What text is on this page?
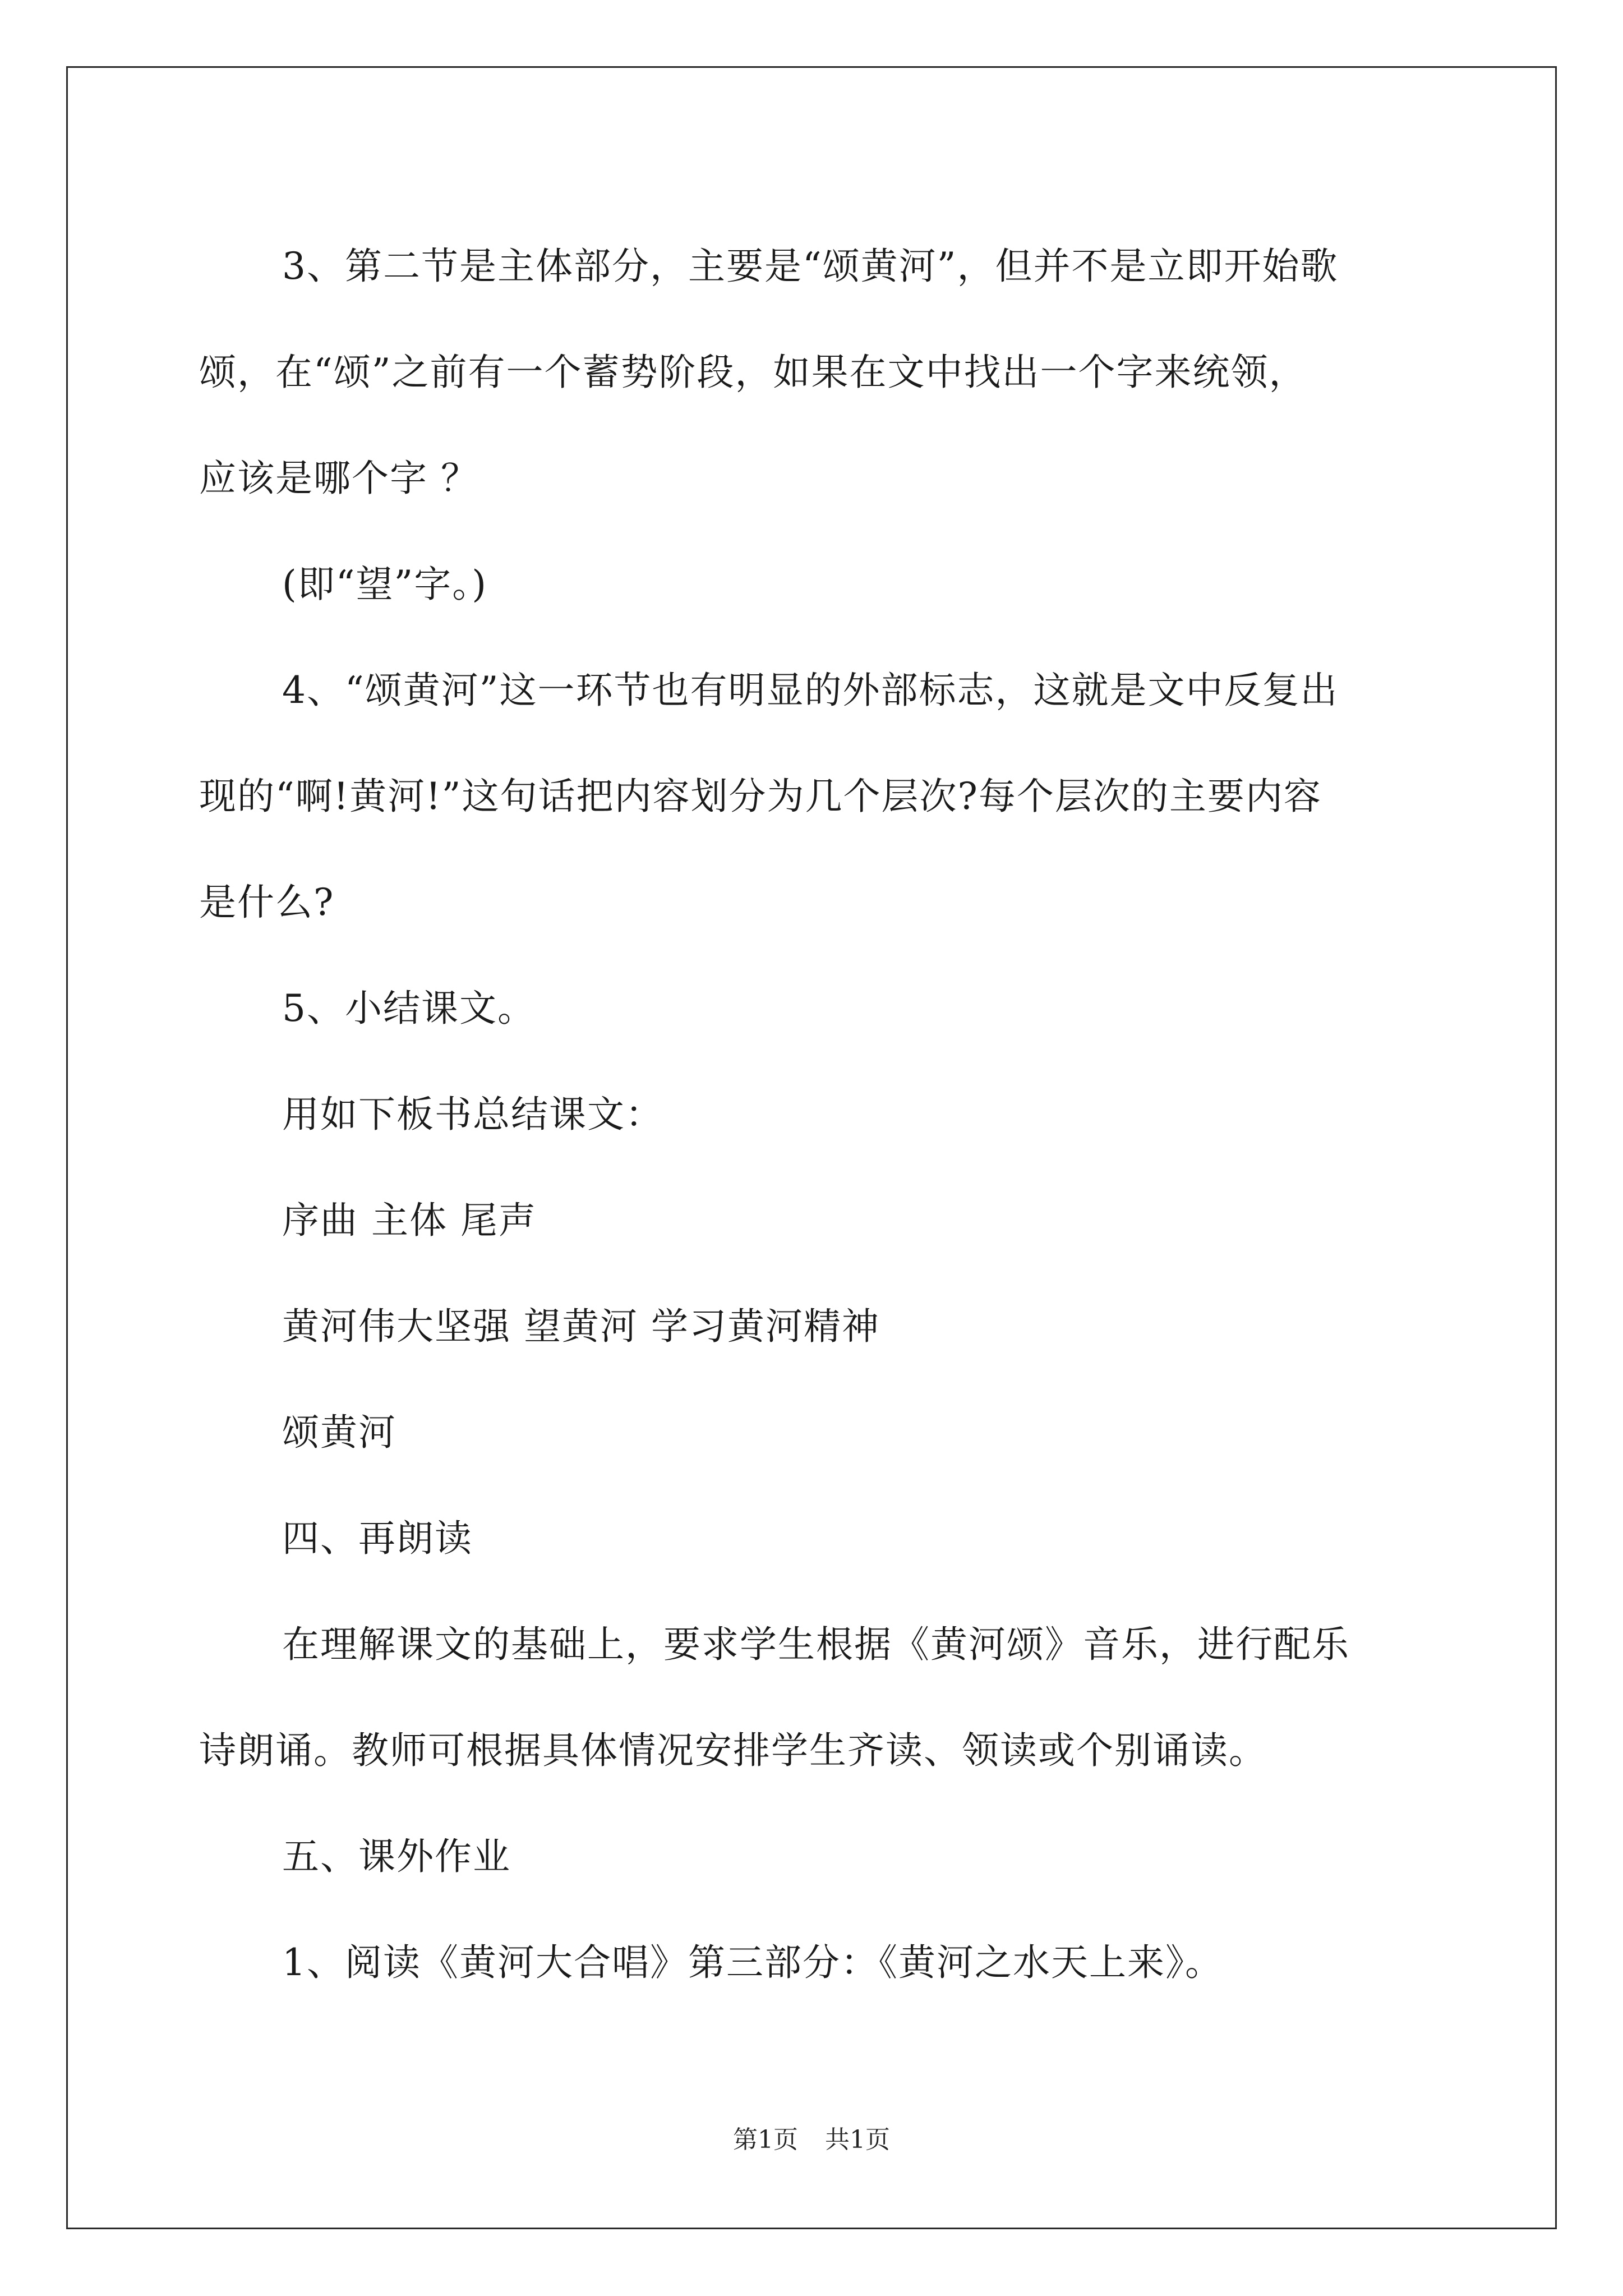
3、第二节是主体部分，主要是“颂黄河”，但并不是立即开始歌

颂，在“颂”之前有一个蓄势阶段，如果在文中找出一个字来统领，

应该是哪个字 ？

(即“望”字。)

4、“颂黄河”这一环节也有明显的外部标志，这就是文中反复出

现的“啊!黄河!”这句话把内容划分为几个层次?每个层次的主要内容

是什么?

5、小结课文。

用如下板书总结课文：

序曲 主体 尾声

黄河伟大坚强 望黄河 学习黄河精神

颂黄河

四、再朗读

在理解课文的基础上，要求学生根据《黄河颂》音乐，进行配乐

诗朗诵。教师可根据具体情况安排学生齐读、领读或个别诵读。

五、课外作业

1、阅读《黄河大合唱》第三部分：《黄河之水天上来》。

第1页 共1页
